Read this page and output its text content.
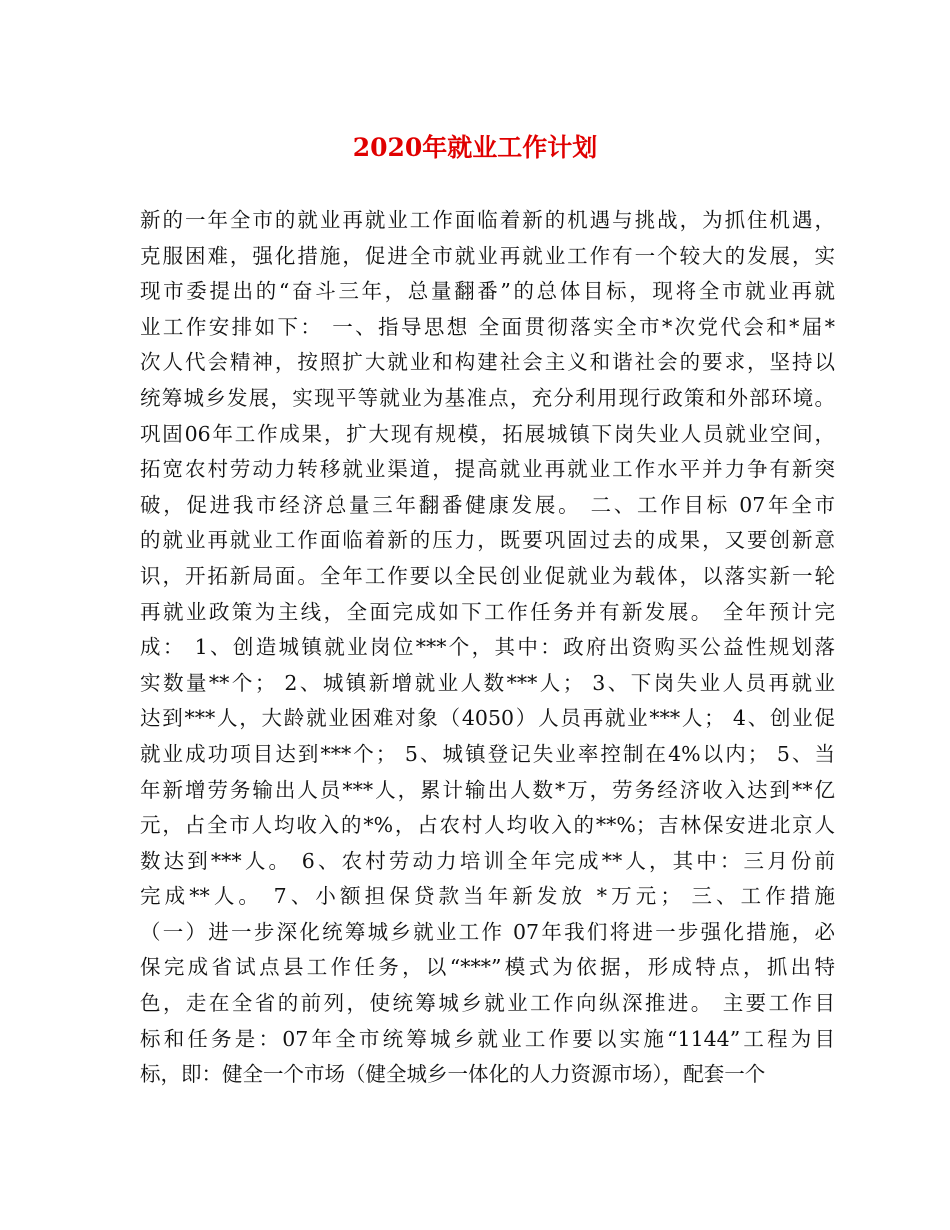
2020年就业工作计划
新的一年全市的就业再就业工作面临着新的机遇与挑战，为抓住机遇，
克服困难，强化措施，促进全市就业再就业工作有一个较大的发展，实
现市委提出的“奋斗三年，总量翻番”的总体目标，现将全市就业再就
业工作安排如下： 一、指导思想 全面贯彻落实全市*次党代会和*届*
次人代会精神，按照扩大就业和构建社会主义和谐社会的要求，坚持以
统筹城乡发展，实现平等就业为基准点，充分利用现行政策和外部环境。
巩固06年工作成果，扩大现有规模，拓展城镇下岗失业人员就业空间，
拓宽农村劳动力转移就业渠道，提高就业再就业工作水平并力争有新突
破，促进我市经济总量三年翻番健康发展。 二、工作目标 07年全市
的就业再就业工作面临着新的压力，既要巩固过去的成果，又要创新意
识，开拓新局面。全年工作要以全民创业促就业为载体，以落实新一轮
再就业政策为主线，全面完成如下工作任务并有新发展。 全年预计完
成： 1、创造城镇就业岗位***个，其中：政府出资购买公益性规划落
实数量**个； 2、城镇新增就业人数***人； 3、下岗失业人员再就业
达到***人，大龄就业困难对象（4050）人员再就业***人； 4、创业促
就业成功项目达到***个； 5、城镇登记失业率控制在4%以内； 5、当
年新增劳务输出人员***人，累计输出人数*万，劳务经济收入达到**亿
元，占全市人均收入的*%，占农村人均收入的**%；吉林保安进北京人
数达到***人。 6、农村劳动力培训全年完成**人，其中：三月份前
完成**人。 7、小额担保贷款当年新发放 *万元； 三、工作措施
（一）进一步深化统筹城乡就业工作 07年我们将进一步强化措施，必
保完成省试点县工作任务，以“***”模式为依据，形成特点，抓出特
色，走在全省的前列，使统筹城乡就业工作向纵深推进。 主要工作目
标和任务是：07年全市统筹城乡就业工作要以实施“1144”工程为目
标，即：健全一个市场（健全城乡一体化的人力资源市场），配套一个
